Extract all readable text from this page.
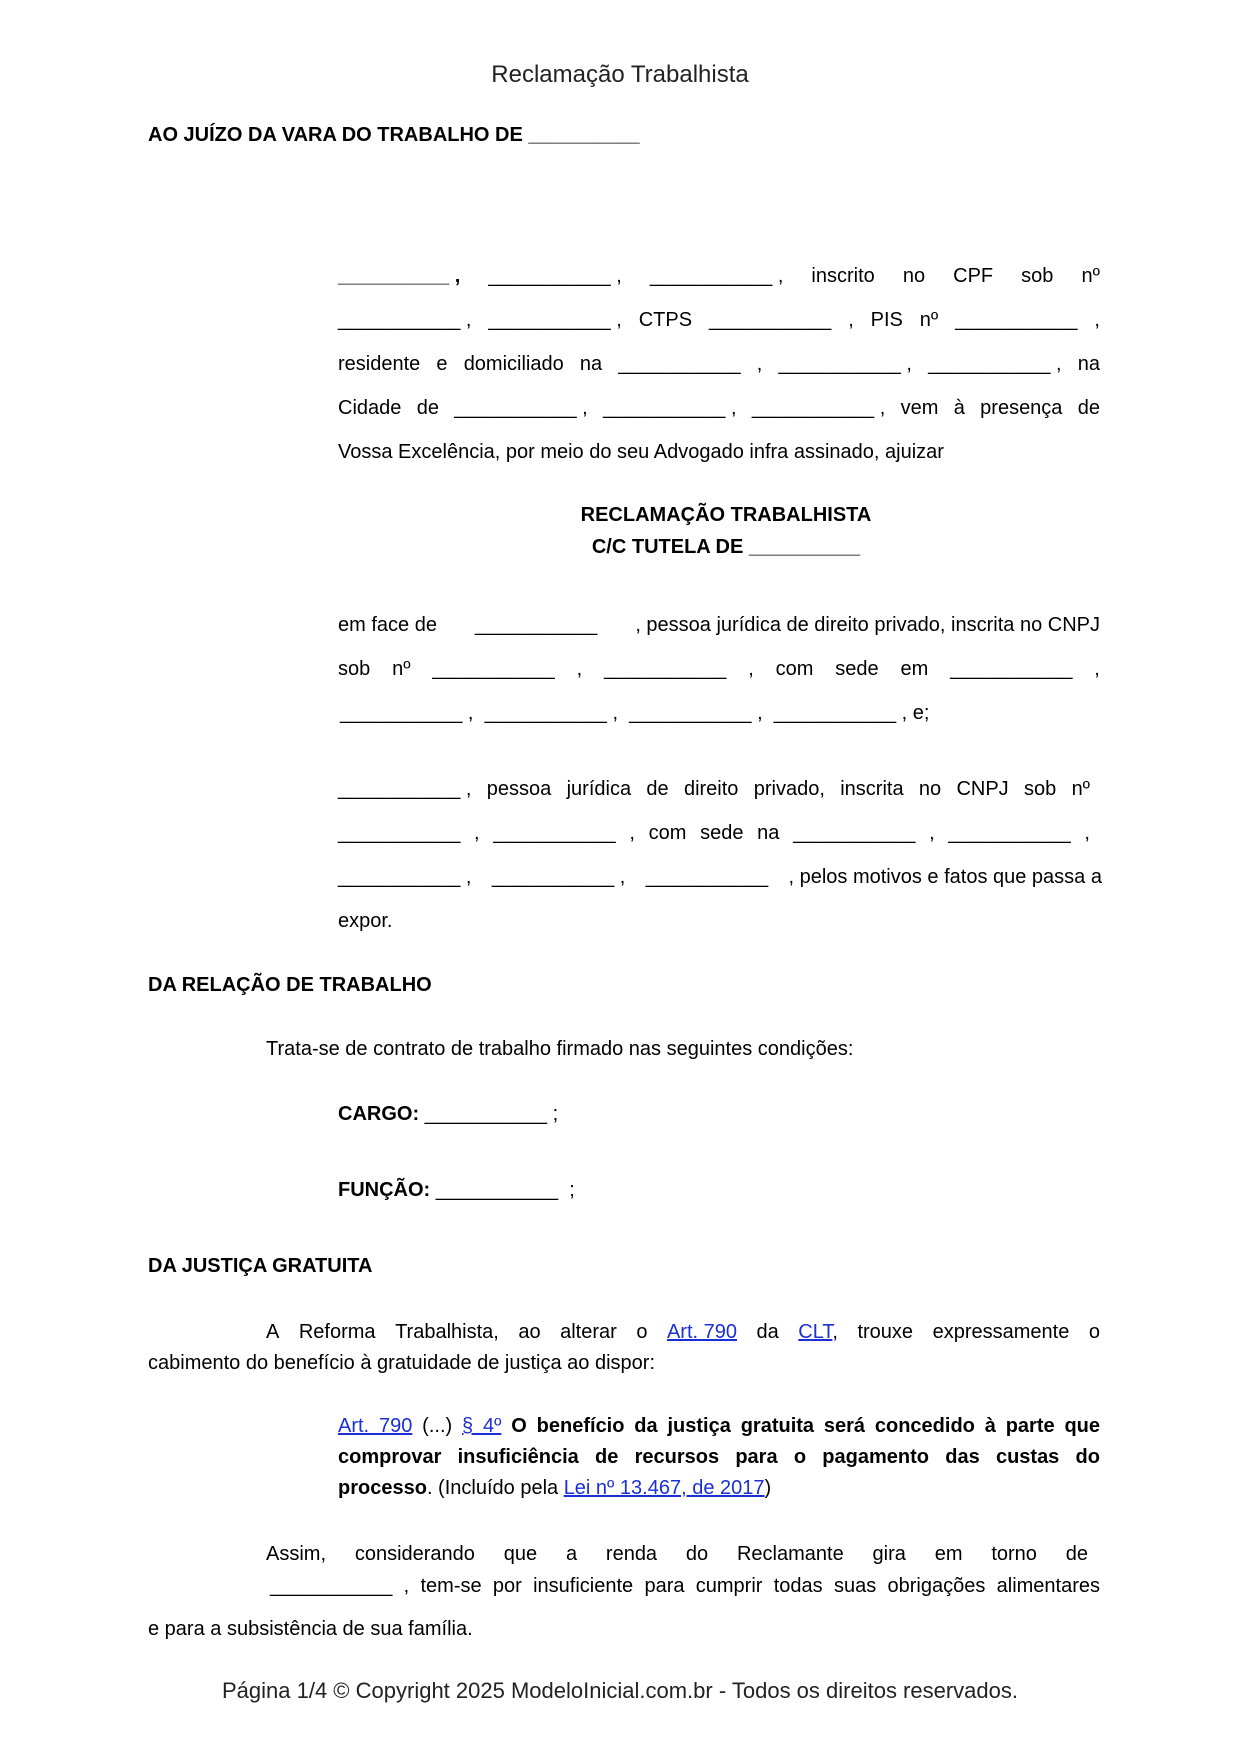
Reclamação Trabalhista
AO JUÍZO DA VARA DO TRABALHO DE __________
__________ , ___________ , ___________ , inscrito no CPF sob nº
___________ , ___________ , CTPS ___________ , PIS nº ___________ ,
residente e domiciliado na ___________ , ___________ , ___________ , na
Cidade de ___________ , ___________ , ___________ , vem à presença de
Vossa Excelência, por meio do seu Advogado infra assinado, ajuizar
RECLAMAÇÃO TRABALHISTA
C/C TUTELA DE __________
em face de ___________ , pessoa jurídica de direito privado, inscrita no CNPJ
sob nº ___________ , ___________ , com sede em ___________ ,
___________ ,  ___________ ,  ___________ ,  ___________ , e;
___________ , pessoa jurídica de direito privado, inscrita no CNPJ sob nº
___________ , ___________ , com sede na ___________ , ___________ ,
___________ , ___________ , ___________ , pelos motivos e fatos que passa a
expor.
DA RELAÇÃO DE TRABALHO
Trata-se de contrato de trabalho firmado nas seguintes condições:
CARGO: ___________ ;
FUNÇÃO: ___________  ;
DA JUSTIÇA GRATUITA
A Reforma Trabalhista, ao alterar o Art. 790 da CLT, trouxe expressamente o
cabimento do benefício à gratuidade de justiça ao dispor:
Art. 790 (...) § 4º O benefício da justiça gratuita será concedido à parte que comprovar insuficiência de recursos para o pagamento das custas do processo. (Incluído pela Lei nº 13.467, de 2017)
Assim, considerando que a renda do Reclamante gira em torno de
___________ , tem-se por insuficiente para cumprir todas suas obrigações alimentares
e para a subsistência de sua família.
Página 1/4 © Copyright 2025 ModeloInicial.com.br - Todos os direitos reservados.
